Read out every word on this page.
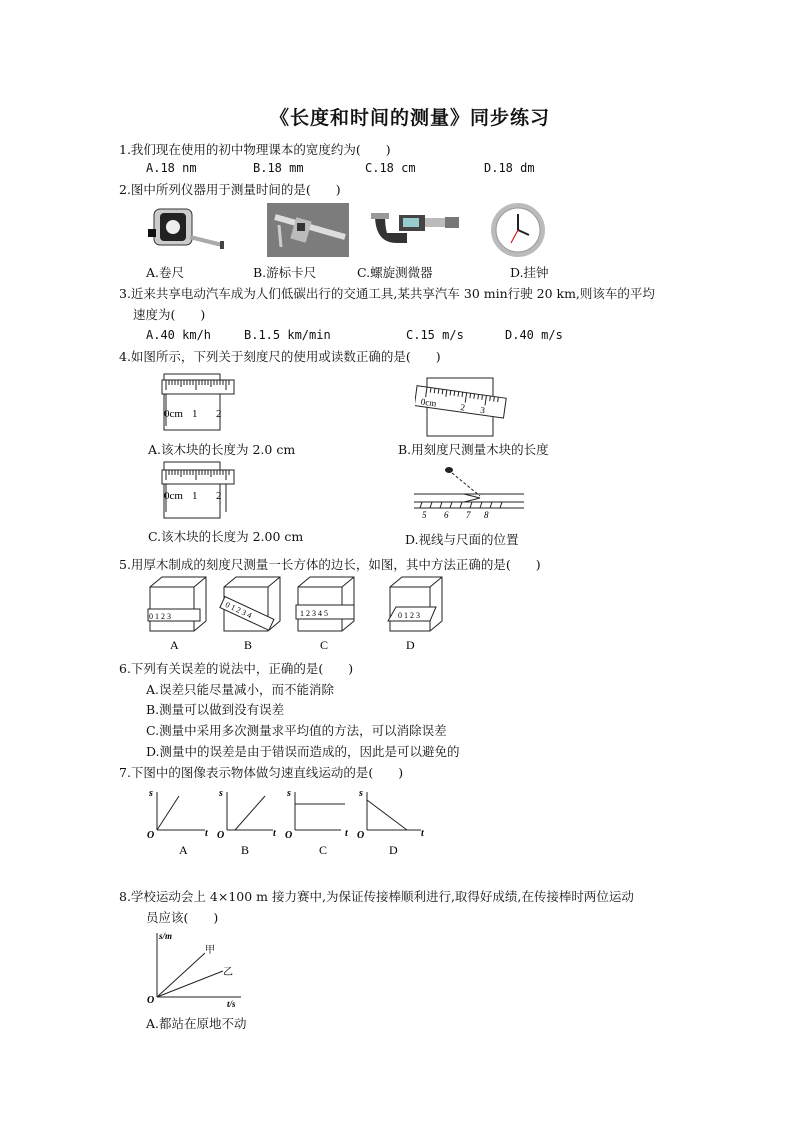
《长度和时间的测量》同步练习
1.我们现在使用的初中物理课本的宽度约为(　　)
A.18 nm	B.18 mm	C.18 cm	D.18 dm
2.图中所列仪器用于测量时间的是(　　)
A.卷尺	B.游标卡尺	C.螺旋测微器	D.挂钟
3.近来共享电动汽车成为人们低碳出行的交通工具,某共享汽车 30 min行驶 20 km,则该车的平均
速度为(　　)
A.40 km/h	B.1.5 km/min	C.15 m/s	D.40 m/s
4.如图所示，下列关于刻度尺的使用或读数正确的是(　　)
0cm 1 2
A.该木块的长度为 2.0 cm
0cm	2 3
B.用刻度尺测量木块的长度
0cm 1 2
C.该木块的长度为 2.00 cm
5 6 7 8
D.视线与尺面的位置
5.用厚木制成的刻度尺测量一长方体的边长，如图，其中方法正确的是(　　)
0 1 2 3
A
0 1 2 3 4
B
1 2 3 4 5
C
0 1 2 3
D
6.下列有关误差的说法中，正确的是(　　)
A.误差只能尽量减小，而不能消除
B.测量可以做到没有误差
C.测量中采用多次测量求平均值的方法，可以消除误差
D.测量中的误差是由于错误而造成的，因此是可以避免的
7.下图中的图像表示物体做匀速直线运动的是(　　)
s
t
O
s
t
O
s
t
O
s
t
O
A	B	C	D
8.学校运动会上 4×100 m 接力赛中,为保证传接棒顺利进行,取得好成绩,在传接棒时两位运动
员应该(　　)
s/m
t/s
O
甲
乙
A.都站在原地不动
